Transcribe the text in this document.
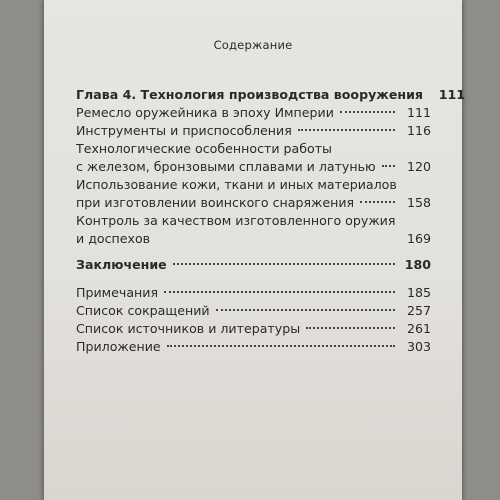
Содержание
Глава 4. Технология производства вооружения 111
Ремесло оружейника в эпоху Империи	111
Инструменты и приспособления	116
Технологические особенности работы
с железом, бронзовыми сплавами и латунью	120
Использование кожи, ткани и иных материалов
при изготовлении воинского снаряжения	158
Контроль за качеством изготовленного оружия
и доспехов	169
Заключение	180
Примечания	185
Список сокращений	257
Список источников и литературы	261
Приложение	303
